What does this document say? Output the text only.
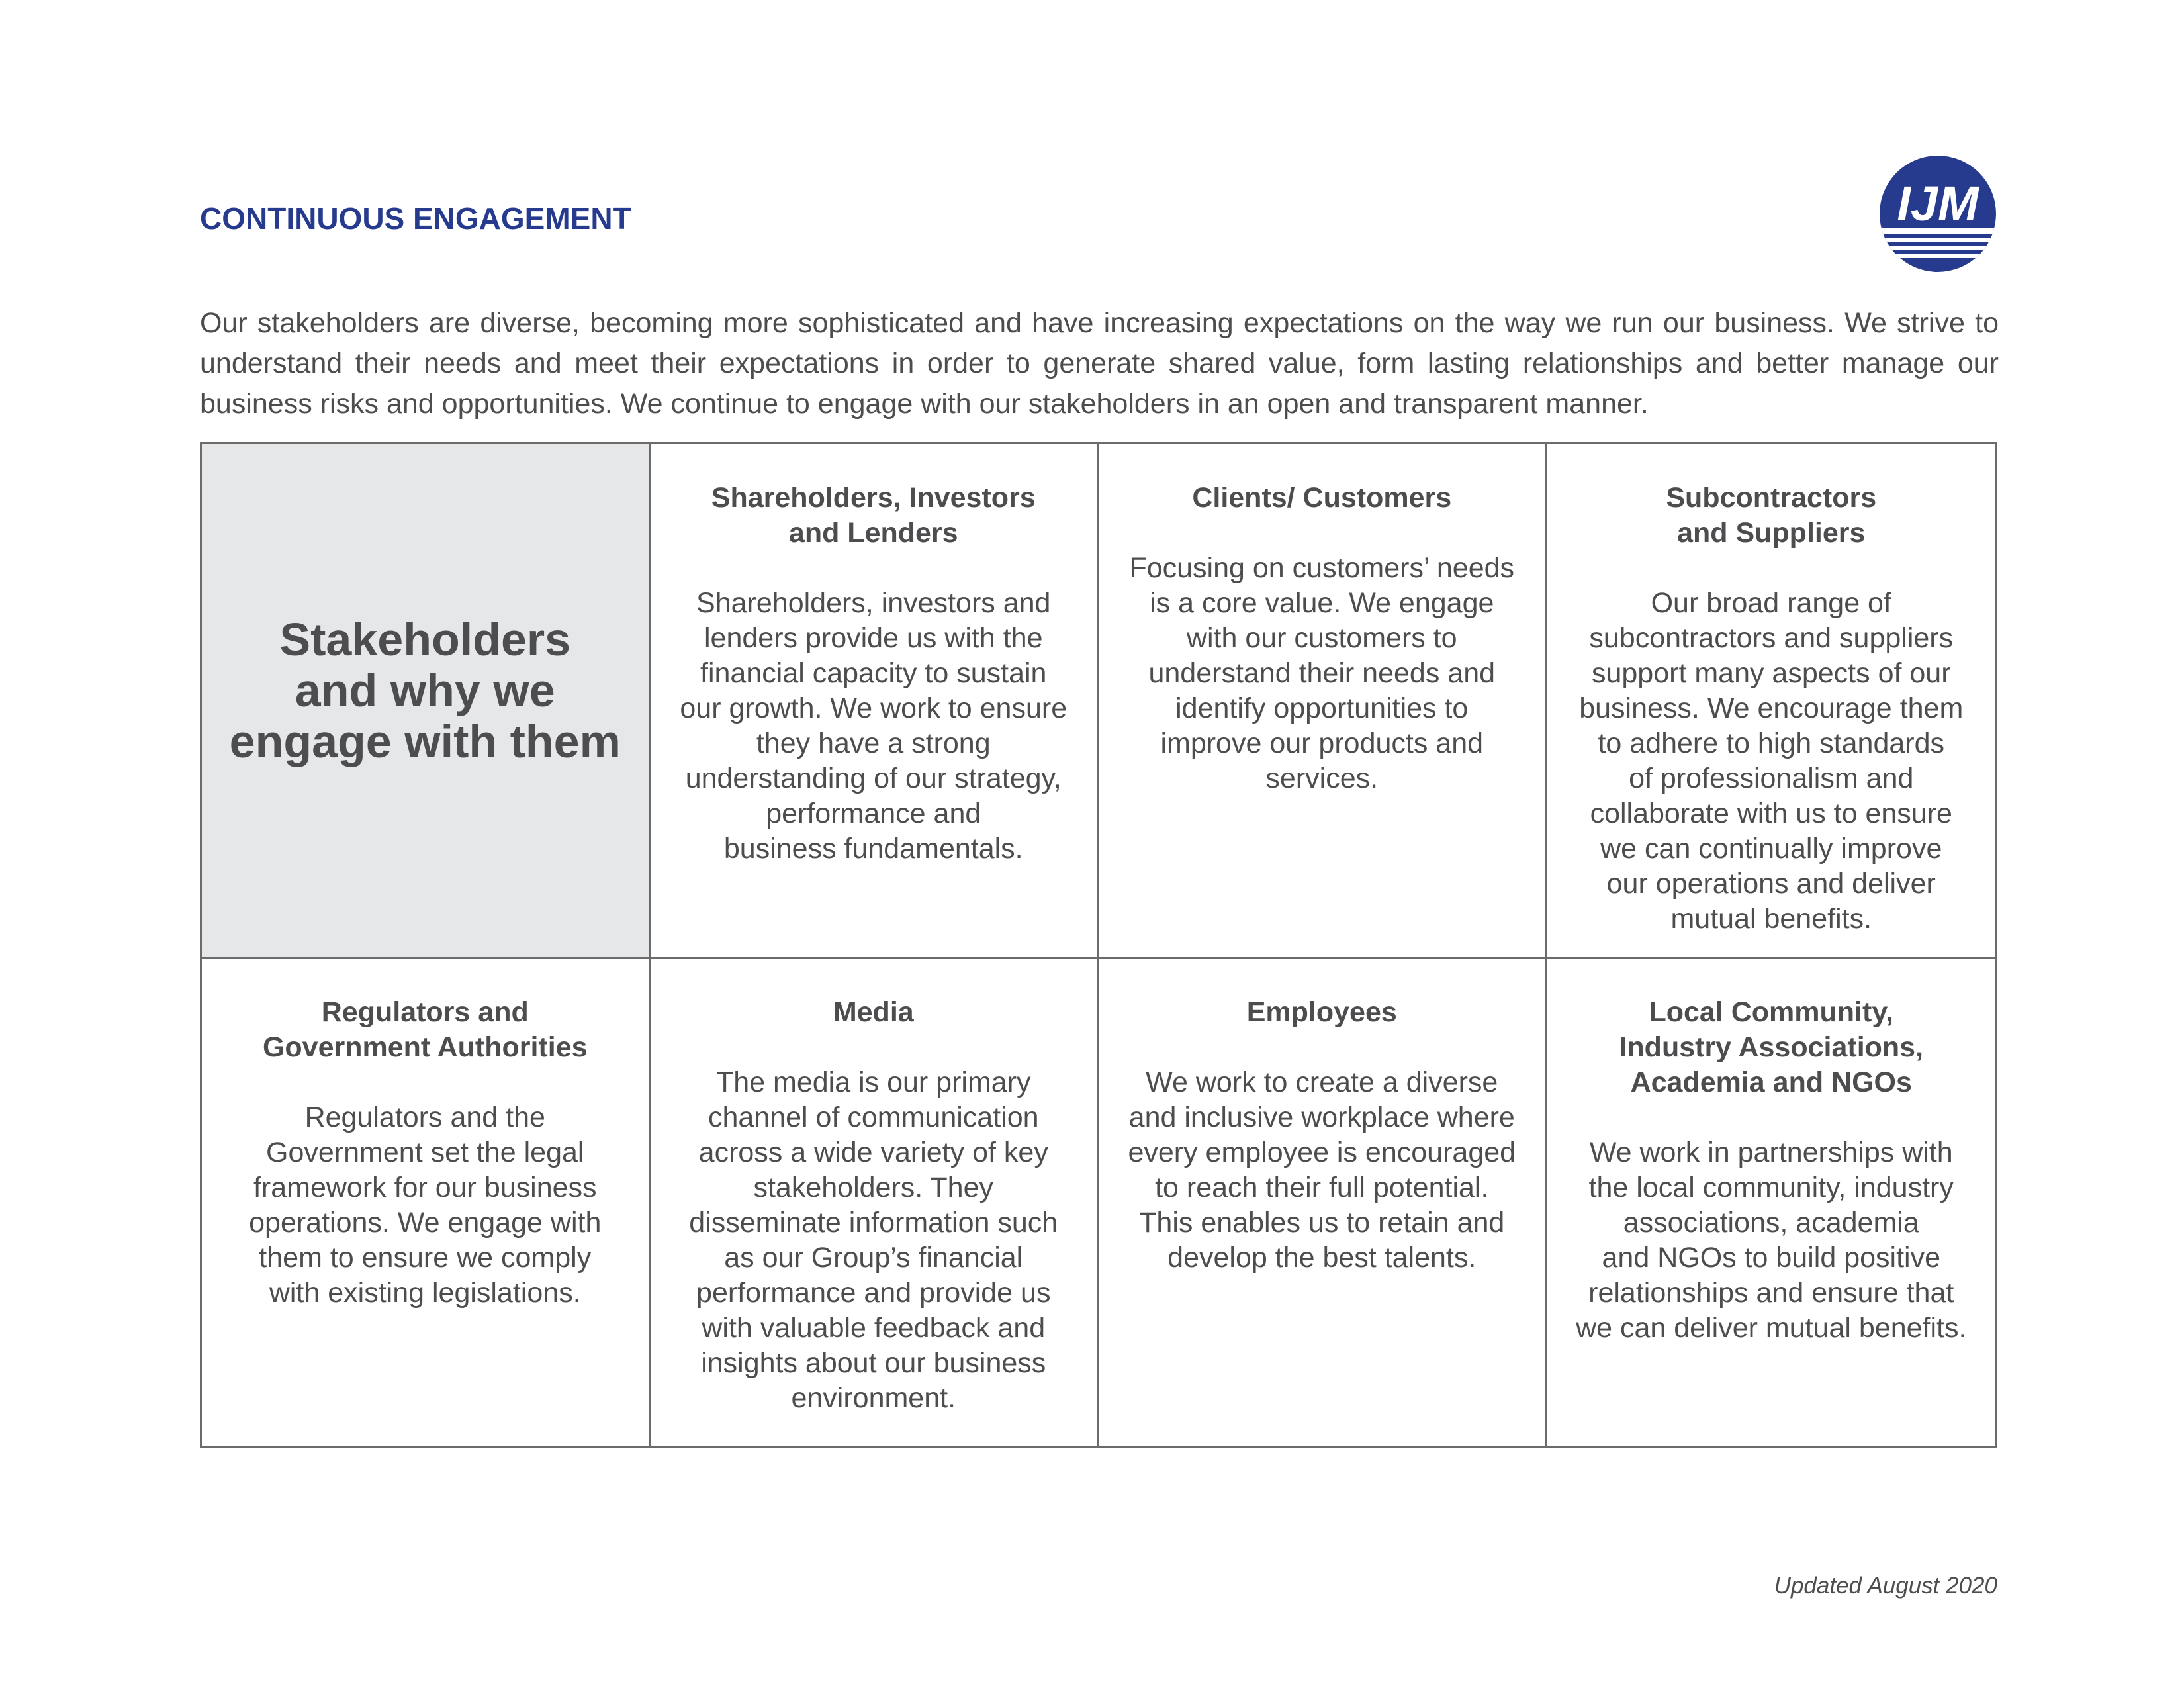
CONTINUOUS ENGAGEMENT	IJM

Our stakeholders are diverse, becoming more sophisticated and have increasing expectations on the way we run our business. We strive to understand their needs and meet their expectations in order to generate shared value, form lasting relationships and better manage our business risks and opportunities. We continue to engage with our stakeholders in an open and transparent manner.

Stakeholders
and why we
engage with them
Shareholders, Investors
and Lenders
Shareholders, investors and
lenders provide us with the
financial capacity to sustain
our growth. We work to ensure
they have a strong
understanding of our strategy,
performance and
business fundamentals.
Clients/ Customers
Focusing on customers’ needs
is a core value. We engage
with our customers to
understand their needs and
identify opportunities to
improve our products and
services.
Subcontractors
and Suppliers
Our broad range of
subcontractors and suppliers
support many aspects of our
business. We encourage them
to adhere to high standards
of professionalism and
collaborate with us to ensure
we can continually improve
our operations and deliver
mutual benefits.
Regulators and
Government Authorities
Regulators and the
Government set the legal
framework for our business
operations. We engage with
them to ensure we comply
with existing legislations.
Media
The media is our primary
channel of communication
across a wide variety of key
stakeholders. They
disseminate information such
as our Group’s financial
performance and provide us
with valuable feedback and
insights about our business
environment.
Employees
We work to create a diverse
and inclusive workplace where
every employee is encouraged
to reach their full potential.
This enables us to retain and
develop the best talents.
Local Community,
Industry Associations,
Academia and NGOs
We work in partnerships with
the local community, industry
associations, academia
and NGOs to build positive
relationships and ensure that
we can deliver mutual benefits.
Updated August 2020
